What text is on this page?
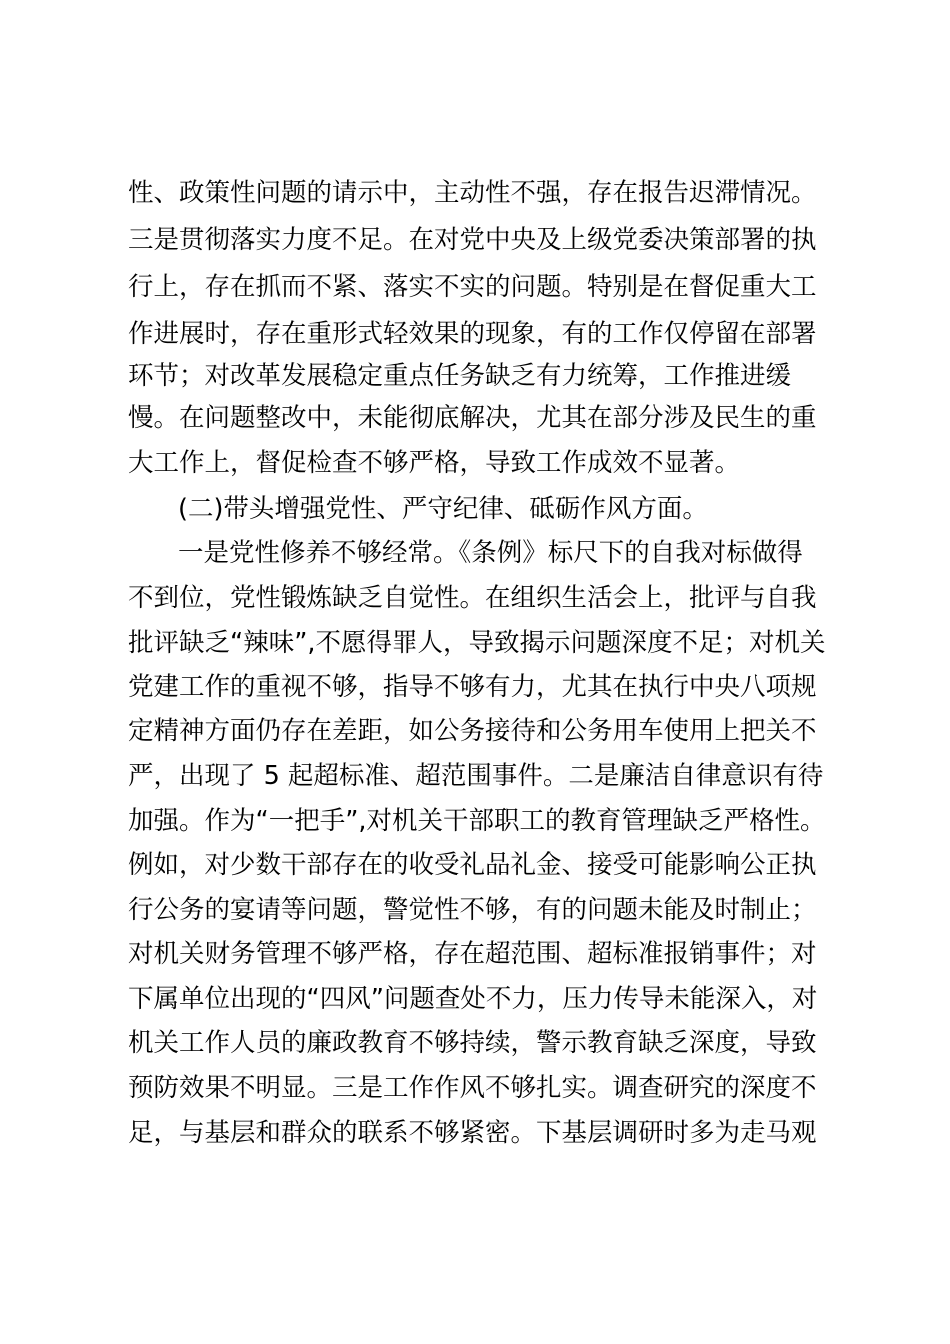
性、政策性问题的请示中，主动性不强，存在报告迟滞情况。
三是贯彻落实力度不足。在对党中央及上级党委决策部署的执
行上，存在抓而不紧、落实不实的问题。特别是在督促重大工
作进展时，存在重形式轻效果的现象，有的工作仅停留在部署
环节；对改革发展稳定重点任务缺乏有力统筹，工作推进缓
慢。在问题整改中，未能彻底解决，尤其在部分涉及民生的重
大工作上，督促检查不够严格，导致工作成效不显著。
(二)带头增强党性、严守纪律、砥砺作风方面。
一是党性修养不够经常。《条例》标尺下的自我对标做得
不到位，党性锻炼缺乏自觉性。在组织生活会上，批评与自我
批评缺乏“辣味”,不愿得罪人，导致揭示问题深度不足；对机关
党建工作的重视不够，指导不够有力，尤其在执行中央八项规
定精神方面仍存在差距，如公务接待和公务用车使用上把关不
严，出现了 5 起超标准、超范围事件。二是廉洁自律意识有待
加强。作为“一把手”,对机关干部职工的教育管理缺乏严格性。
例如，对少数干部存在的收受礼品礼金、接受可能影响公正执
行公务的宴请等问题，警觉性不够，有的问题未能及时制止；
对机关财务管理不够严格，存在超范围、超标准报销事件；对
下属单位出现的“四风”问题查处不力，压力传导未能深入，对
机关工作人员的廉政教育不够持续，警示教育缺乏深度，导致
预防效果不明显。三是工作作风不够扎实。调查研究的深度不
足，与基层和群众的联系不够紧密。下基层调研时多为走马观
